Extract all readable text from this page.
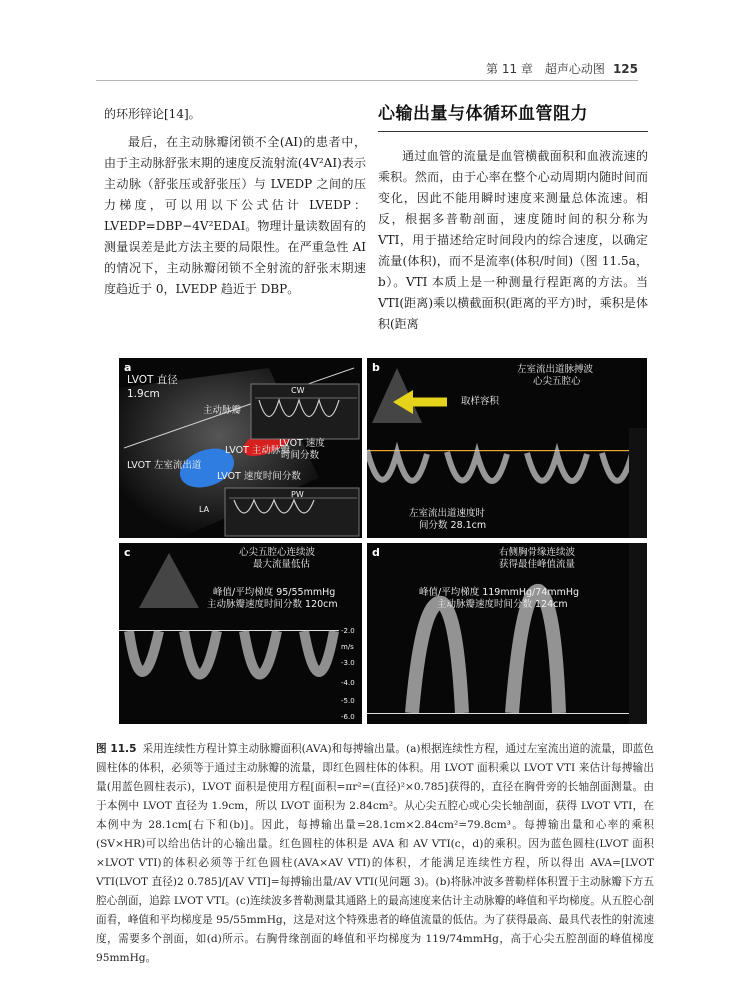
第 11 章　超声心动图 125

的环形锌论[14]。

最后，在主动脉瓣闭锁不全(AI)的患者中，由于主动脉舒张末期的速度反流射流(4V²AI)表示主动脉（舒张压或舒张压）与 LVEDP 之间的压力梯度，可以用以下公式估计 LVEDP：LVEDP=DBP−4V²EDAI。物理计量读数固有的测量误差是此方法主要的局限性。在严重急性 AI 的情况下，主动脉瓣闭锁不全射流的舒张末期速度趋近于 0，LVEDP 趋近于 DBP。

心输出量与体循环血管阻力

通过血管的流量是血管横截面积和血液流速的乘积。然而，由于心率在整个心动周期内随时间而变化，因此不能用瞬时速度来测量总体流速。相反，根据多普勒剖面，速度随时间的积分称为 VTI，用于描述给定时间段内的综合速度，以确定流量(体积)，而不是流率(体积/时间)（图 11.5a，b）。VTI 本质上是一种测量行程距离的方法。当 VTI(距离)乘以横截面积(距离的平方)时，乘积是体积(距离

a
LVOT 直径
1.9cm
主动脉瓣
LVOT 主动脉瓣
LVOT 速度
时间分数
LVOT 左室流出道
LVOT 速度时间分数
CW
PW
LA
b	左室流出道脉搏波
心尖五腔心
取样容积
左室流出道速度时
间分数 28.1cm
c	心尖五腔心连续波
最大流量低估
峰值/平均梯度 95/55mmHg
主动脉瓣速度时间分数 120cm
-2.0
m/s
-3.0
-4.0
-5.0
-6.0
d	右侧胸骨缘连续波
获得最佳峰值流量
峰值/平均梯度 119mmHg/74mmHg
主动脉瓣速度时间分数 124cm
图 11.5 采用连续性方程计算主动脉瓣面积(AVA)和每搏输出量。(a)根据连续性方程，通过左室流出道的流量，即蓝色圆柱体的体积，必须等于通过主动脉瓣的流量，即红色圆柱体的体积。用 LVOT 面积乘以 LVOT VTI 来估计每搏输出量(用蓝色圆柱表示)，LVOT 面积是使用方程[面积=πr²=(直径)²×0.785]获得的，直径在胸骨旁的长轴剖面测量。由于本例中 LVOT 直径为 1.9cm，所以 LVOT 面积为 2.84cm²。从心尖五腔心或心尖长轴剖面，获得 LVOT VTI，在本例中为 28.1cm[右下和(b)]。因此，每搏输出量=28.1cm×2.84cm²=79.8cm³。每搏输出量和心率的乘积(SV×HR)可以给出估计的心输出量。红色圆柱的体积是 AVA 和 AV VTI(c，d)的乘积。因为蓝色圆柱(LVOT 面积×LVOT VTI)的体积必须等于红色圆柱(AVA×AV VTI)的体积，才能满足连续性方程，所以得出 AVA=[LVOT VTI(LVOT 直径)2 0.785]/[AV VTI]=每搏输出量/AV VTI(见问题 3)。(b)将脉冲波多普勒样体积置于主动脉瓣下方五腔心剖面，追踪 LVOT VTI。(c)连续波多普勒测量其通路上的最高速度来估计主动脉瓣的峰值和平均梯度。从五腔心剖面看，峰值和平均梯度是 95/55mmHg，这是对这个特殊患者的峰值流量的低估。为了获得最高、最具代表性的射流速度，需要多个剖面，如(d)所示。右胸骨缘剖面的峰值和平均梯度为 119/74mmHg，高于心尖五腔剖面的峰值梯度 95mmHg。
